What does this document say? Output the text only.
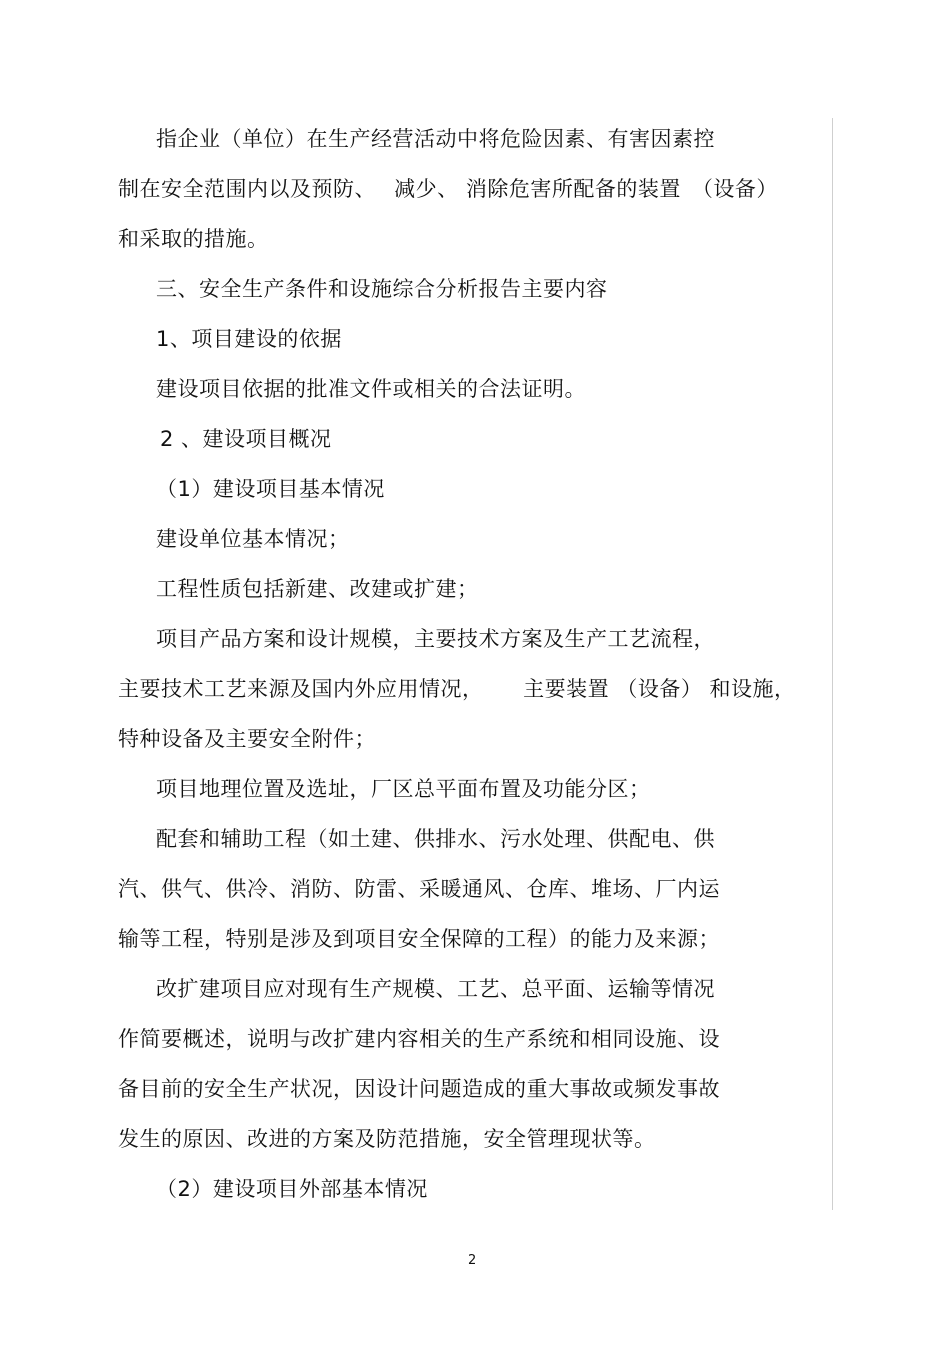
指企业（单位）在生产经营活动中将危险因素、有害因素控
制在安全范围内以及预防、　 减少、 消除危害所配备的装置　（设备）
和采取的措施。
三、安全生产条件和设施综合分析报告主要内容
1、项目建设的依据
建设项目依据的批准文件或相关的合法证明。
2 、建设项目概况
（1）建设项目基本情况
建设单位基本情况；
工程性质包括新建、改建或扩建；
项目产品方案和设计规模，主要技术方案及生产工艺流程，
主要技术工艺来源及国内外应用情况，　　 主要装置 （设备） 和设施，
特种设备及主要安全附件；
项目地理位置及选址，厂区总平面布置及功能分区；
配套和辅助工程（如土建、供排水、污水处理、供配电、供
汽、供气、供冷、消防、防雷、采暖通风、仓库、堆场、厂内运
输等工程，特别是涉及到项目安全保障的工程）的能力及来源；
改扩建项目应对现有生产规模、工艺、总平面、运输等情况
作简要概述，说明与改扩建内容相关的生产系统和相同设施、设
备目前的安全生产状况，因设计问题造成的重大事故或频发事故
发生的原因、改进的方案及防范措施，安全管理现状等。
（2）建设项目外部基本情况
2
